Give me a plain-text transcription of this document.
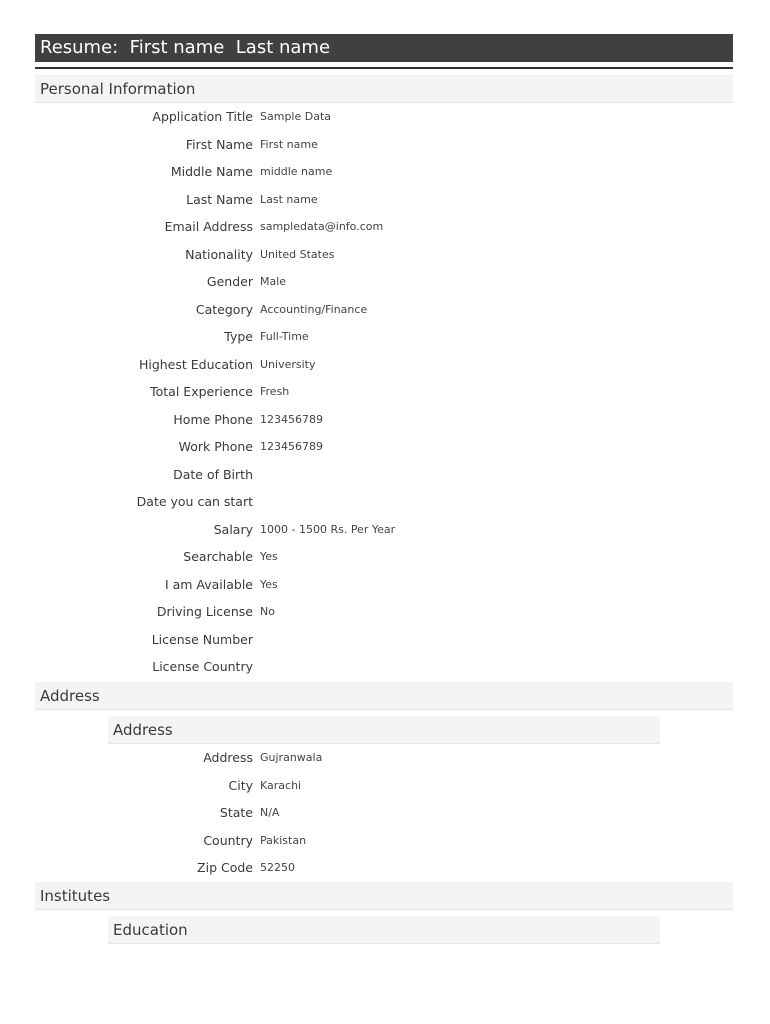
Resume:  First name  Last name
Personal Information
Application Title Sample Data
First Name First name
Middle Name middle name
Last Name Last name
Email Address sampledata@info.com
Nationality United States
Gender Male
Category Accounting/Finance
Type Full-Time
Highest Education University
Total Experience Fresh
Home Phone 123456789
Work Phone 123456789
Date of Birth
Date you can start
Salary 1000 - 1500 Rs. Per Year
Searchable Yes
I am Available Yes
Driving License No
License Number
License Country
Address
Address
Address Gujranwala
City Karachi
State N/A
Country Pakistan
Zip Code 52250
Institutes
Education
